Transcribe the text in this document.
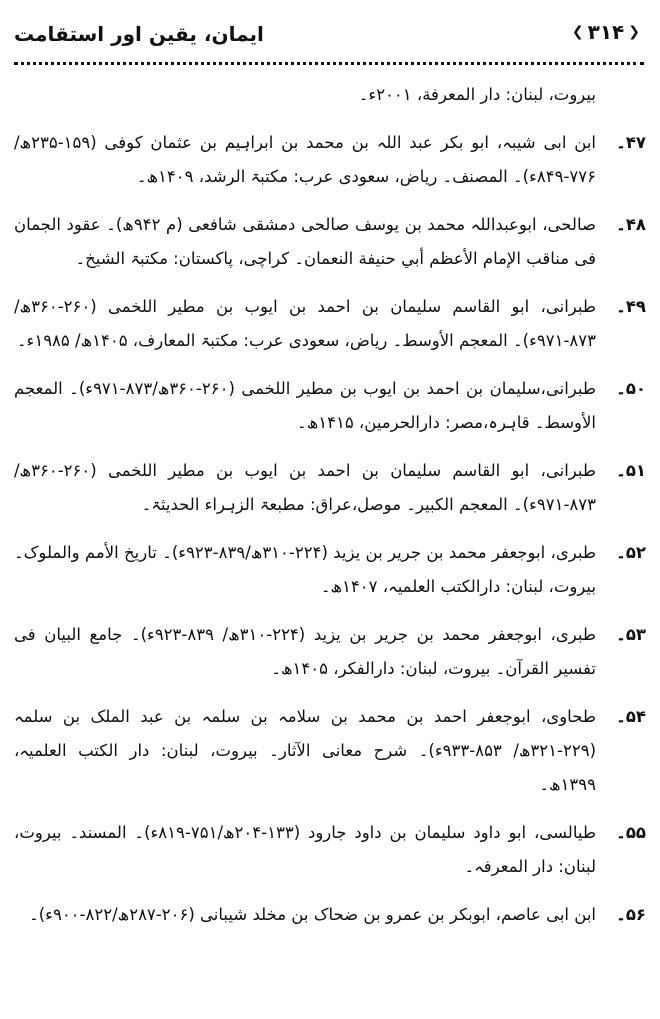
ایمان، یقین اور استقامت	❮
۳۱۴
❯
بیروت، لبنان: دار المعرفة، ۲۰۰۱ء۔
۴۷۔
ابن ابی شیبہ، ابو بکر عبد اللہ بن محمد بن ابراہیم بن عثمان کوفی (۱۵۹-۲۳۵ھ/ ۷۷۶-۸۴۹ء)۔ المصنف۔ ریاض، سعودی عرب: مکتبۃ الرشد، ۱۴۰۹ھ۔
۴۸۔
صالحی، ابوعبداللہ محمد بن یوسف صالحی دمشقی شافعی (م ۹۴۲ھ)۔ عقود الجمان فی مناقب الإمام الأعظم أبي حنيفة النعمان۔ کراچی، پاکستان: مکتبۃ الشیخ۔
۴۹۔
طبرانی، ابو القاسم سلیمان بن احمد بن ایوب بن مطیر اللخمی (۲۶۰-۳۶۰ھ/ ۸۷۳-۹۷۱ء)۔ المعجم الأوسط۔ ریاض، سعودی عرب: مکتبۃ المعارف، ۱۴۰۵ھ/ ۱۹۸۵ء۔
۵۰۔
طبرانی،سلیمان بن احمد بن ایوب بن مطیر اللخمی (۲۶۰-۳۶۰ھ/۸۷۳-۹۷۱ء)۔ المعجم الأوسط۔ قاہرہ،مصر: دارالحرمین، ۱۴۱۵ھ۔
۵۱۔
طبرانی، ابو القاسم سلیمان بن احمد بن ایوب بن مطیر اللخمی (۲۶۰-۳۶۰ھ/ ۸۷۳-۹۷۱ء)۔ المعجم الکبیر۔ موصل،عراق: مطبعۃ الزہراء الحدیثۃ۔
۵۲۔
طبری، ابوجعفر محمد بن جریر بن یزید (۲۲۴-۳۱۰ھ/۸۳۹-۹۲۳ء)۔ تاریخ الأمم والملوک۔ بیروت، لبنان: دارالکتب العلمیہ، ۱۴۰۷ھ۔
۵۳۔
طبری، ابوجعفر محمد بن جریر بن یزید (۲۲۴-۳۱۰ھ/ ۸۳۹-۹۲۳ء)۔ جامع البیان فی تفسیر القرآن۔ بیروت، لبنان: دارالفکر، ۱۴۰۵ھ۔
۵۴۔
طحاوی، ابوجعفر احمد بن محمد بن سلامہ بن سلمہ بن عبد الملک بن سلمہ (۲۲۹-۳۲۱ھ/ ۸۵۳-۹۳۳ء)۔ شرح معانی الآثار۔ بیروت، لبنان: دار الکتب العلمیہ، ۱۳۹۹ھ۔
۵۵۔
طیالسی، ابو داود سلیمان بن داود جارود (۱۳۳-۲۰۴ھ/۷۵۱-۸۱۹ء)۔ المسند۔ بیروت، لبنان: دار المعرفہ۔
۵۶۔
ابن ابی عاصم، ابوبکر بن عمرو بن ضحاک بن مخلد شیبانی (۲۰۶-۲۸۷ھ/۸۲۲-۹۰۰ء)۔
